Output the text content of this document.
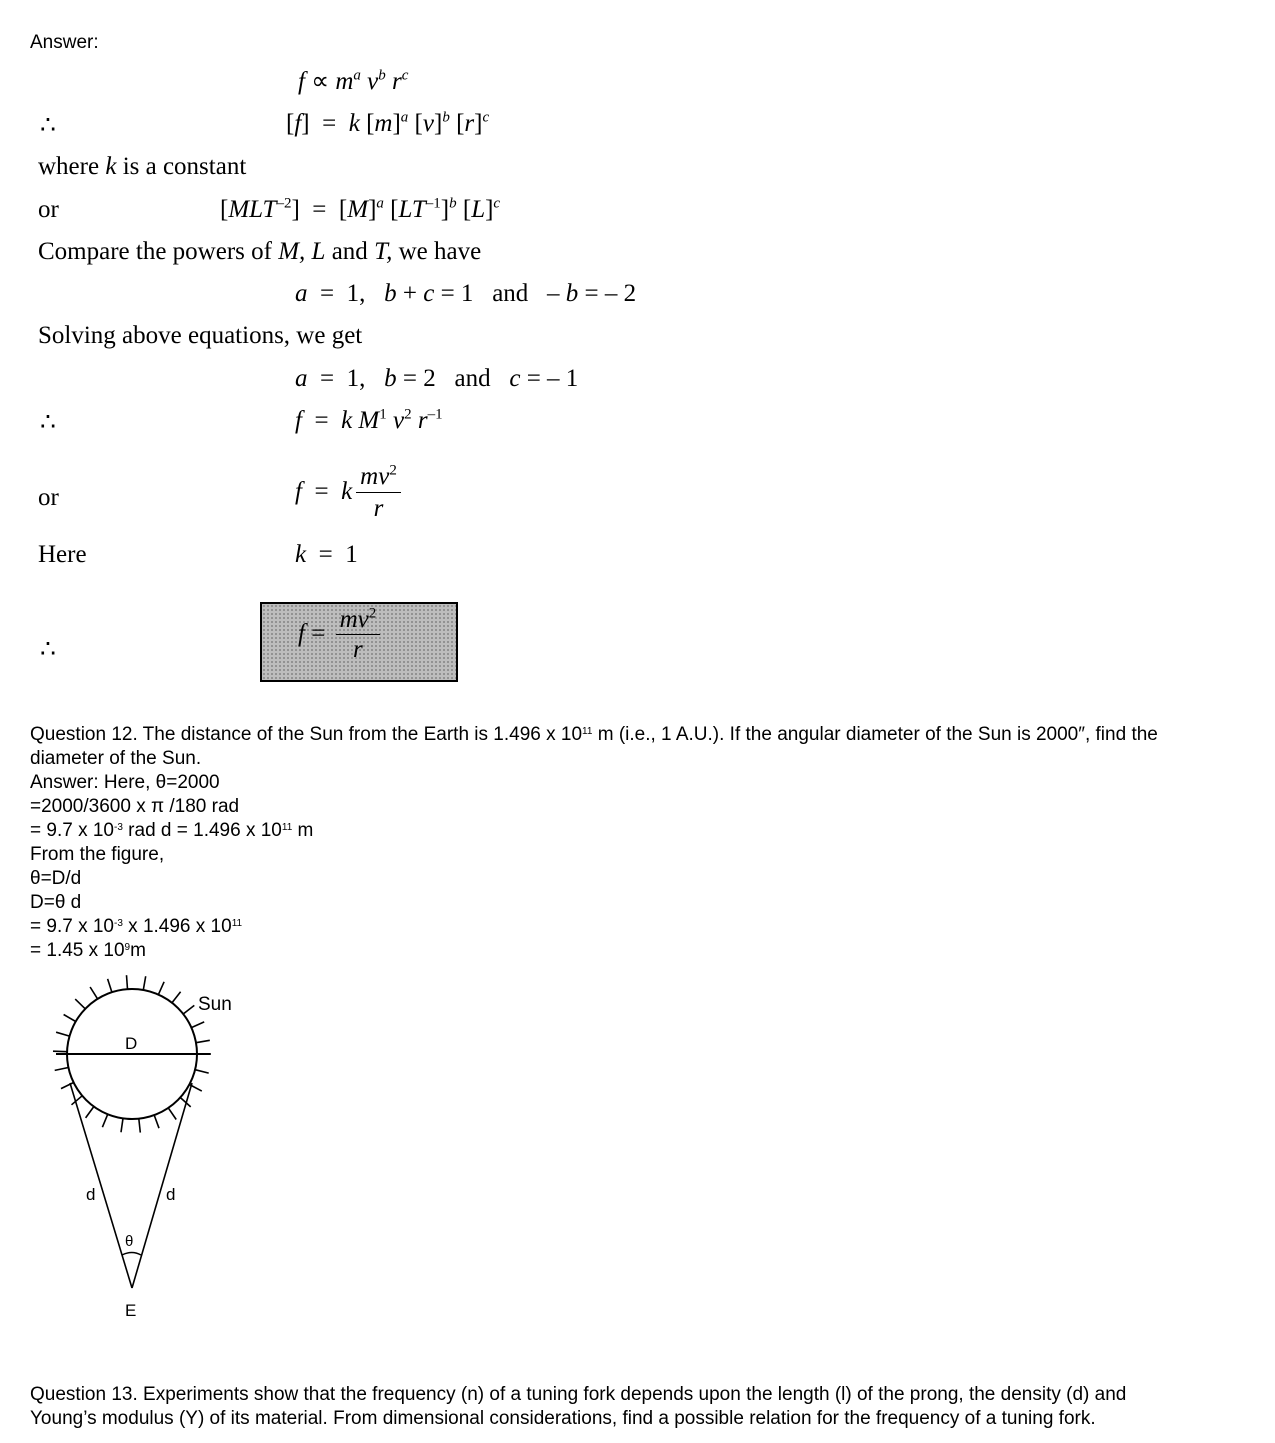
Answer:
$f \propto m^a$ $v^b$ $r^c$
∴	[f]  = k $[m]^a$ $[v]^b$ $[r]^c$
where k is a constant
or	$[MLT^{-2}] = [M]^a$ $[LT^{-1}]^b$ $[L]^c$
Compare the powers of M, L and T, we have
a  =  1,   b + c = 1   and   – b = – 2
Solving above equations, we get
a  =  1,   b = 2   and c = – 1
∴	f  =  k $M^1$ $v^2$ $r^{-1}$
or	f  =  k $\frac{mv^2}{r}$
Here	k  =  1
∴
$f = \frac{mv^2}{r}$
Question 12. The distance of the Sun from the Earth is 1.496 x $10^{11}$ m (i.e., 1 A.U.). If the angular diameter of the Sun is 2000″, find the
diameter of the Sun.
Answer: Here, θ=2000
=2000/3600 x π /180 rad
= 9.7 x $10^{-3}$ rad d = 1.496 x $10^{11}$ m
From the figure,
θ=D/d
D=θ d
= 9.7 x $10^{-3}$ x 1.496 x $10^{11}$
= 1.45 x $10^9m$
Sun
D
d	d
θ
E
Question 13. Experiments show that the frequency (n) of a tuning fork depends upon the length (l) of the prong, the density (d) and
Young’s modulus (Y) of its material. From dimensional considerations, find a possible relation for the frequency of a tuning fork.
